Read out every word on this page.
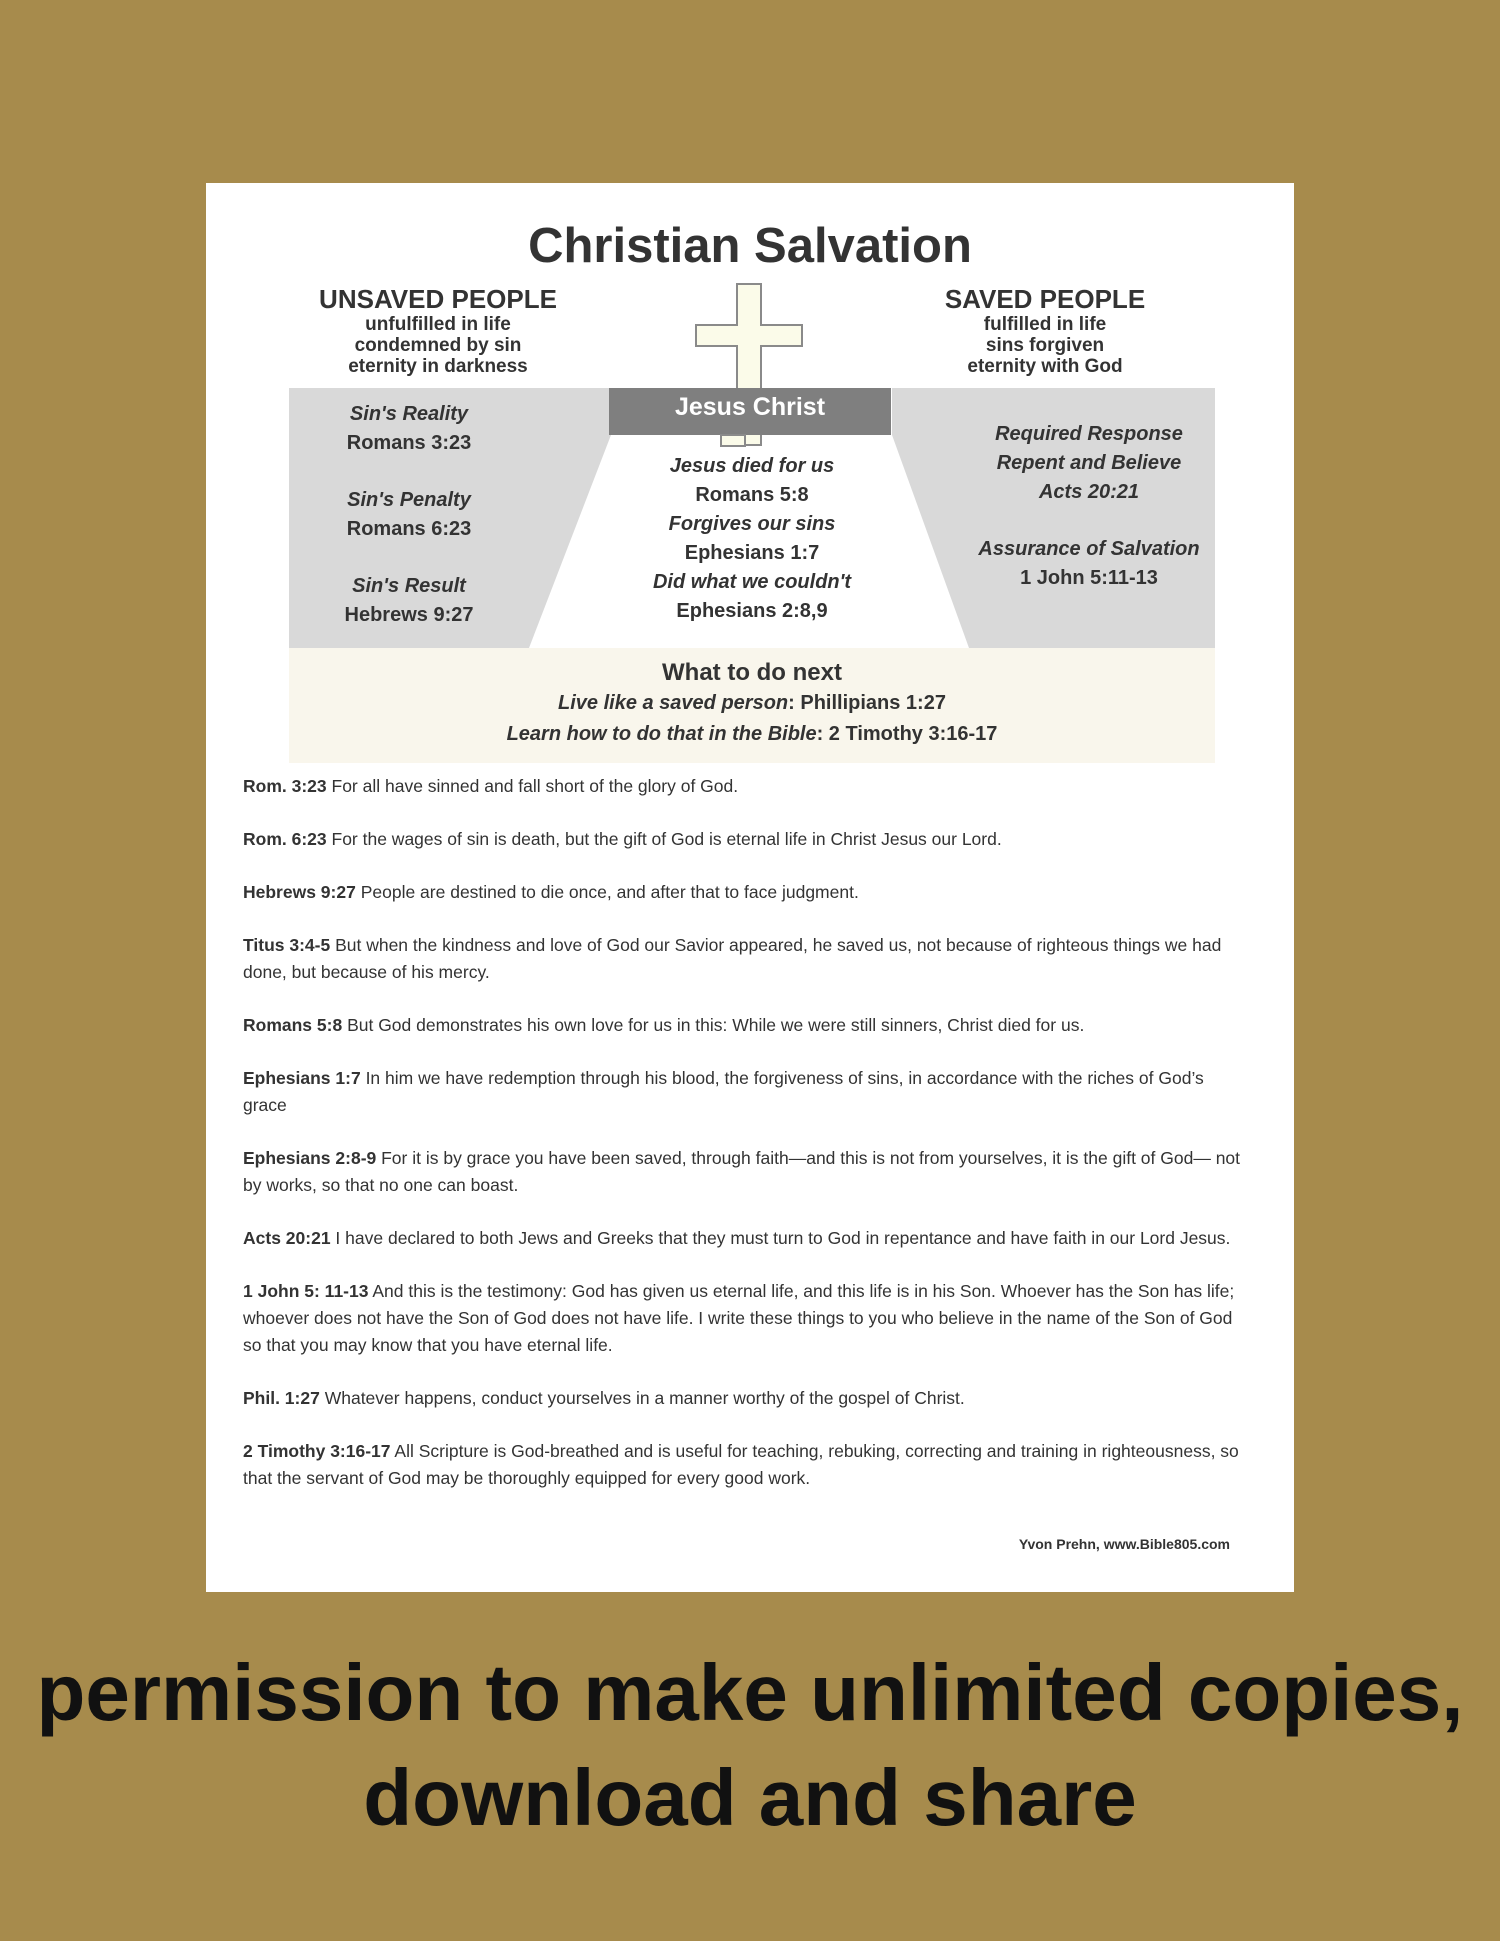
Christian Salvation
UNSAVED PEOPLE
unfulfilled in life
condemned by sin
eternity in darkness
SAVED PEOPLE
fulfilled in life
sins forgiven
eternity with God
Jesus Christ
Sin's Reality
Romans 3:23
Sin's Penalty
Romans 6:23
Sin's Result
Hebrews 9:27
Jesus died for us
Romans 5:8
Forgives our sins
Ephesians 1:7
Did what we couldn't
Ephesians 2:8,9
Required Response
Repent and Believe
Acts 20:21
Assurance of Salvation
1 John 5:11-13
What to do next
Live like a saved person: Phillipians 1:27
Learn how to do that in the Bible: 2 Timothy 3:16-17

Rom. 3:23 For all have sinned and fall short of the glory of God.

Rom. 6:23 For the wages of sin is death, but the gift of God is eternal life in Christ Jesus our Lord.

Hebrews 9:27 People are destined to die once, and after that to face judgment.

Titus 3:4-5 But when the kindness and love of God our Savior appeared, he saved us, not because of righteous things we had done, but because of his mercy.

Romans 5:8 But God demonstrates his own love for us in this: While we were still sinners, Christ died for us.

Ephesians 1:7 In him we have redemption through his blood, the forgiveness of sins, in accordance with the riches of God’s grace

Ephesians 2:8-9 For it is by grace you have been saved, through faith—and this is not from yourselves, it is the gift of God— not by works, so that no one can boast.

Acts 20:21 I have declared to both Jews and Greeks that they must turn to God in repentance and have faith in our Lord Jesus.

1 John 5: 11-13 And this is the testimony: God has given us eternal life, and this life is in his Son. Whoever has the Son has life; whoever does not have the Son of God does not have life. I write these things to you who believe in the name of the Son of God so that you may know that you have eternal life.

Phil. 1:27 Whatever happens, conduct yourselves in a manner worthy of the gospel of Christ.

2 Timothy 3:16-17 All Scripture is God-breathed and is useful for teaching, rebuking, correcting and training in righteousness, so that the servant of God may be thoroughly equipped for every good work.

Yvon Prehn, www.Bible805.com
permission to make unlimited copies,
download and share
